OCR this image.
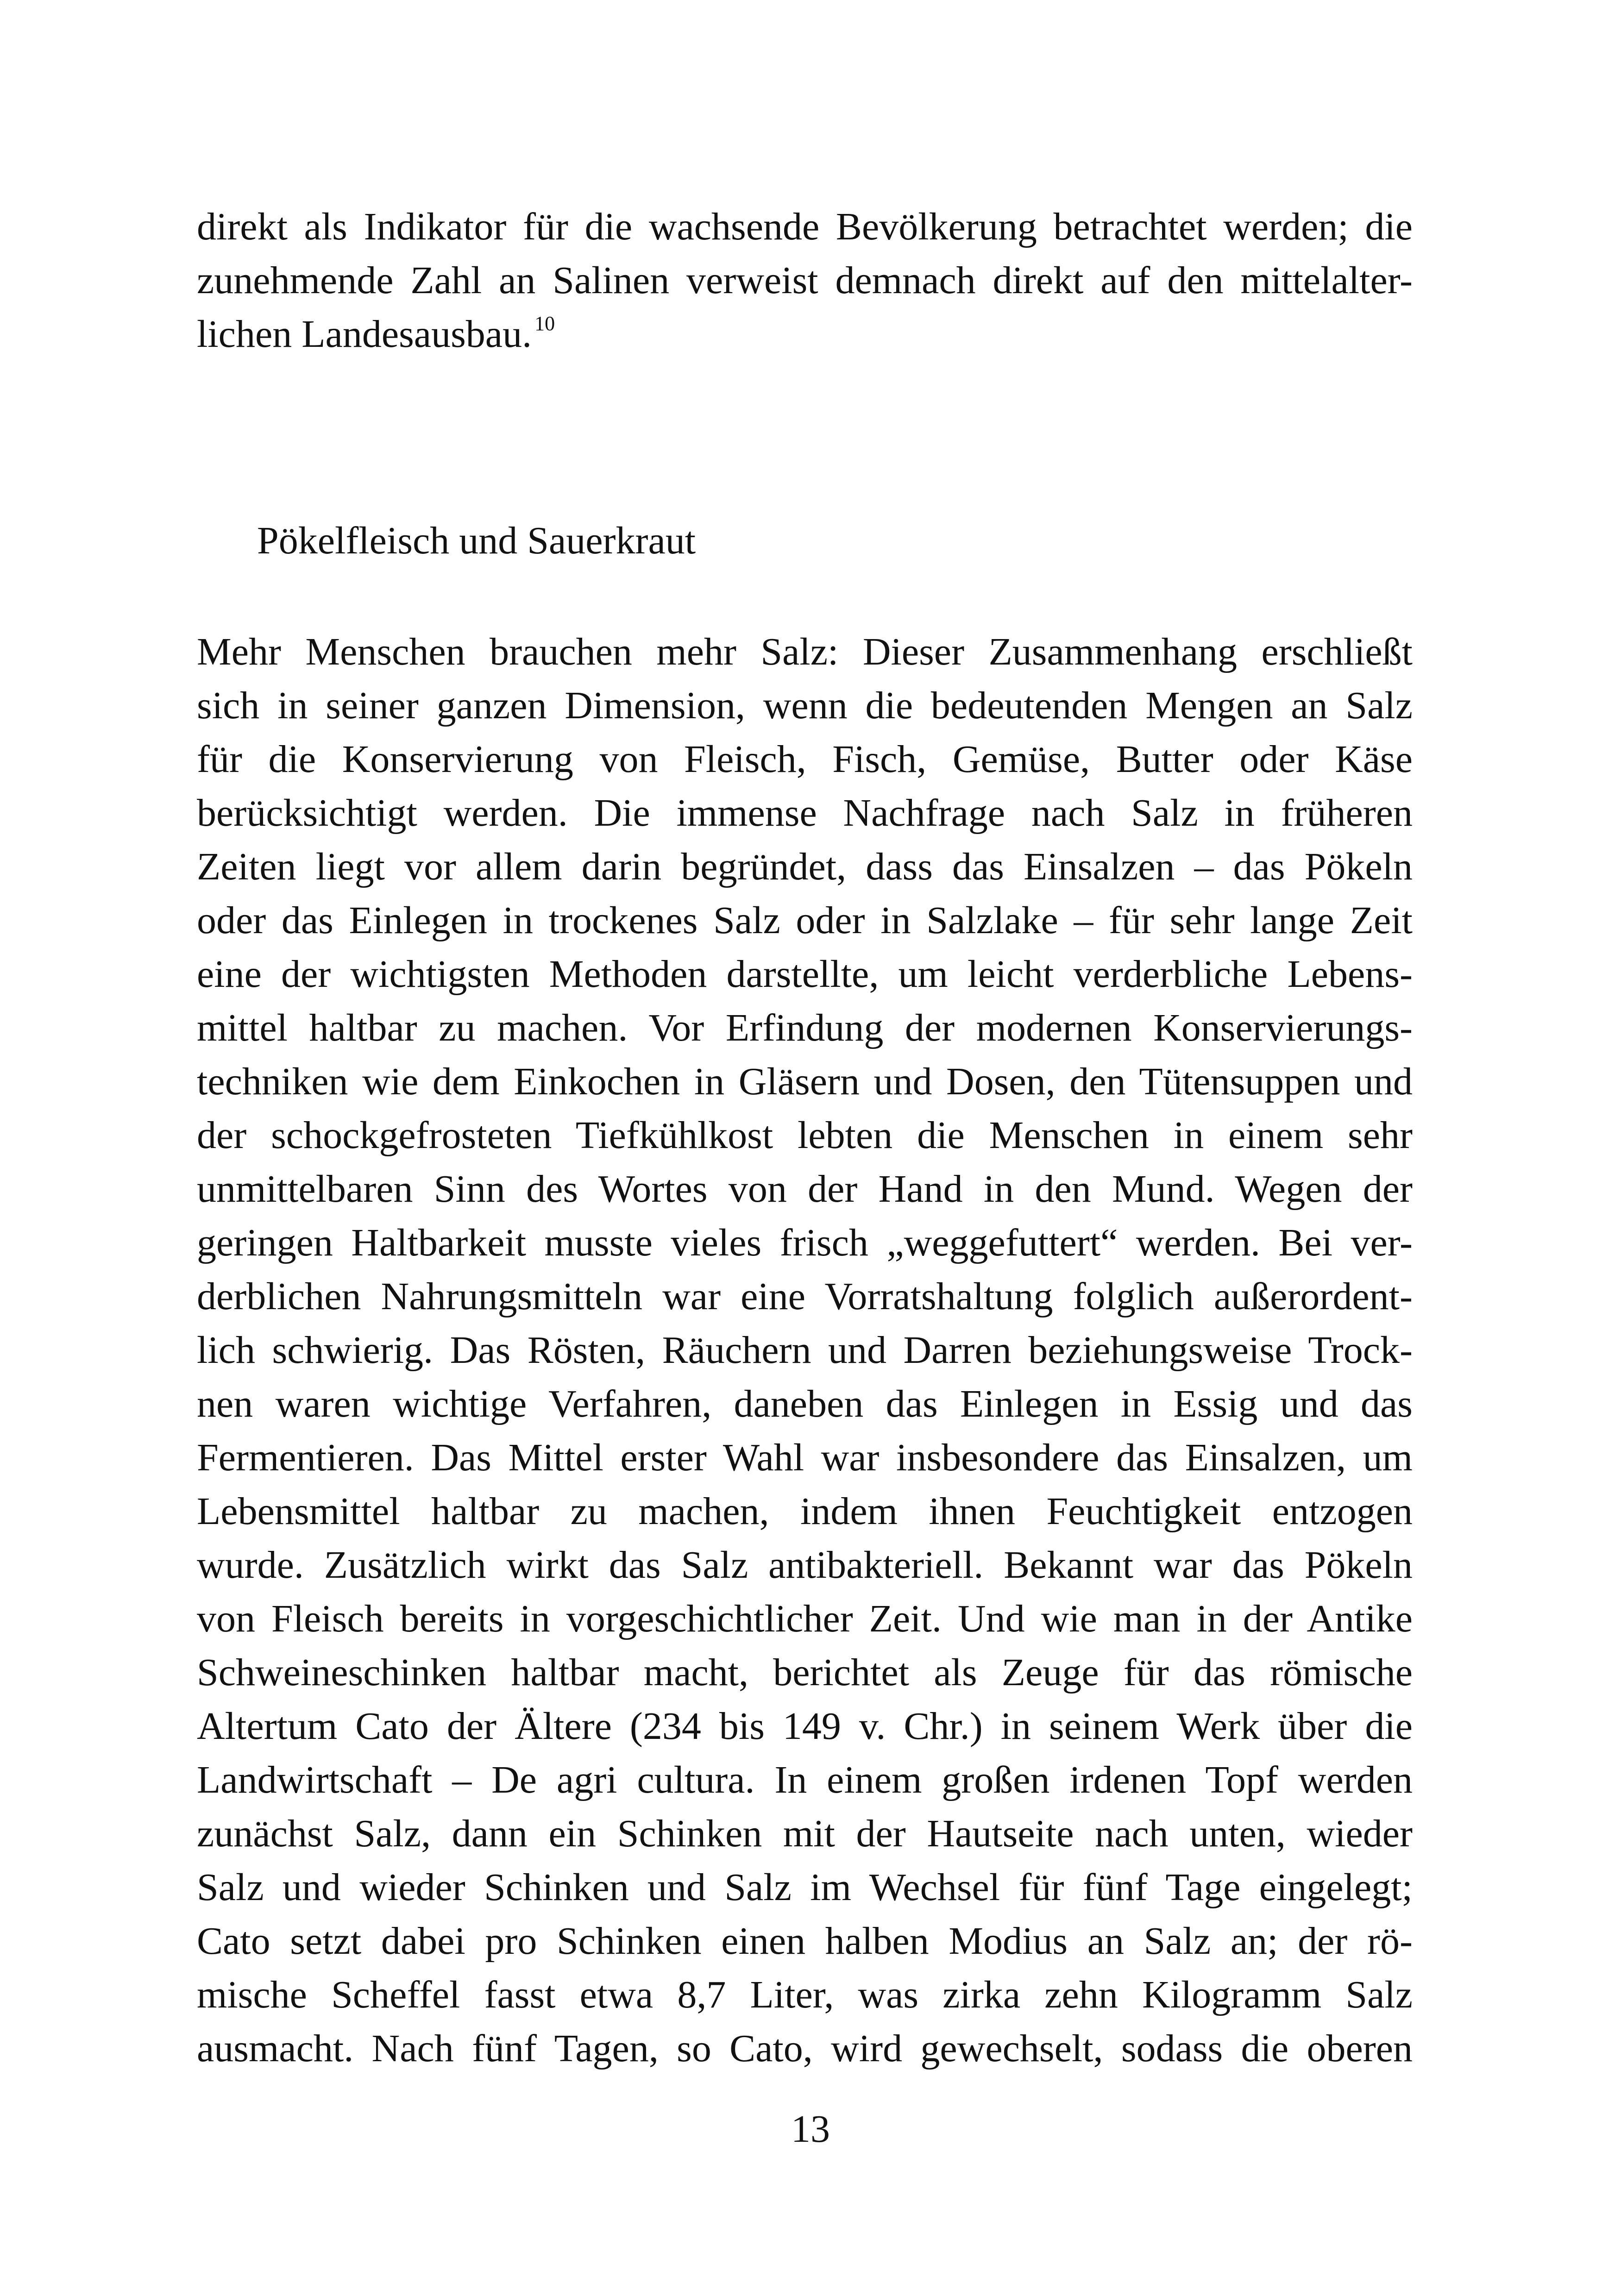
direkt als Indikator für die wachsende Bevölkerung betrachtet werden; die
zunehmende Zahl an Salinen verweist demnach direkt auf den mittelalter-
lichen Landesausbau. $^{10}$
Pökelfleisch und Sauerkraut
Mehr Menschen brauchen mehr Salz: Dieser Zusammenhang erschließt
sich in seiner ganzen Dimension, wenn die bedeutenden Mengen an Salz
für die Konservierung von Fleisch, Fisch, Gemüse, Butter oder Käse
berücksichtigt werden. Die immense Nachfrage nach Salz in früheren
Zeiten liegt vor allem darin begründet, dass das Einsalzen – das Pökeln
oder das Einlegen in trockenes Salz oder in Salzlake – für sehr lange Zeit
eine der wichtigsten Methoden darstellte, um leicht verderbliche Lebens-
mittel haltbar zu machen. Vor Erfindung der modernen Konservierungs-
techniken wie dem Einkochen in Gläsern und Dosen, den Tütensuppen und
der schockgefrosteten Tiefkühlkost lebten die Menschen in einem sehr
unmittelbaren Sinn des Wortes von der Hand in den Mund. Wegen der
geringen Haltbarkeit musste vieles frisch „weggefuttert“ werden. Bei ver-
derblichen Nahrungsmitteln war eine Vorratshaltung folglich außerordent-
lich schwierig. Das Rösten, Räuchern und Darren beziehungsweise Trock-
nen waren wichtige Verfahren, daneben das Einlegen in Essig und das
Fermentieren. Das Mittel erster Wahl war insbesondere das Einsalzen, um
Lebensmittel haltbar zu machen, indem ihnen Feuchtigkeit entzogen
wurde. Zusätzlich wirkt das Salz antibakteriell. Bekannt war das Pökeln
von Fleisch bereits in vorgeschichtlicher Zeit. Und wie man in der Antike
Schweineschinken haltbar macht, berichtet als Zeuge für das römische
Altertum Cato der Ältere (234 bis 149 v. Chr.) in seinem Werk über die
Landwirtschaft – De agri cultura. In einem großen irdenen Topf werden
zunächst Salz, dann ein Schinken mit der Hautseite nach unten, wieder
Salz und wieder Schinken und Salz im Wechsel für fünf Tage eingelegt;
Cato setzt dabei pro Schinken einen halben Modius an Salz an; der rö-
mische Scheffel fasst etwa 8,7 Liter, was zirka zehn Kilogramm Salz
ausmacht. Nach fünf Tagen, so Cato, wird gewechselt, sodass die oberen
13
